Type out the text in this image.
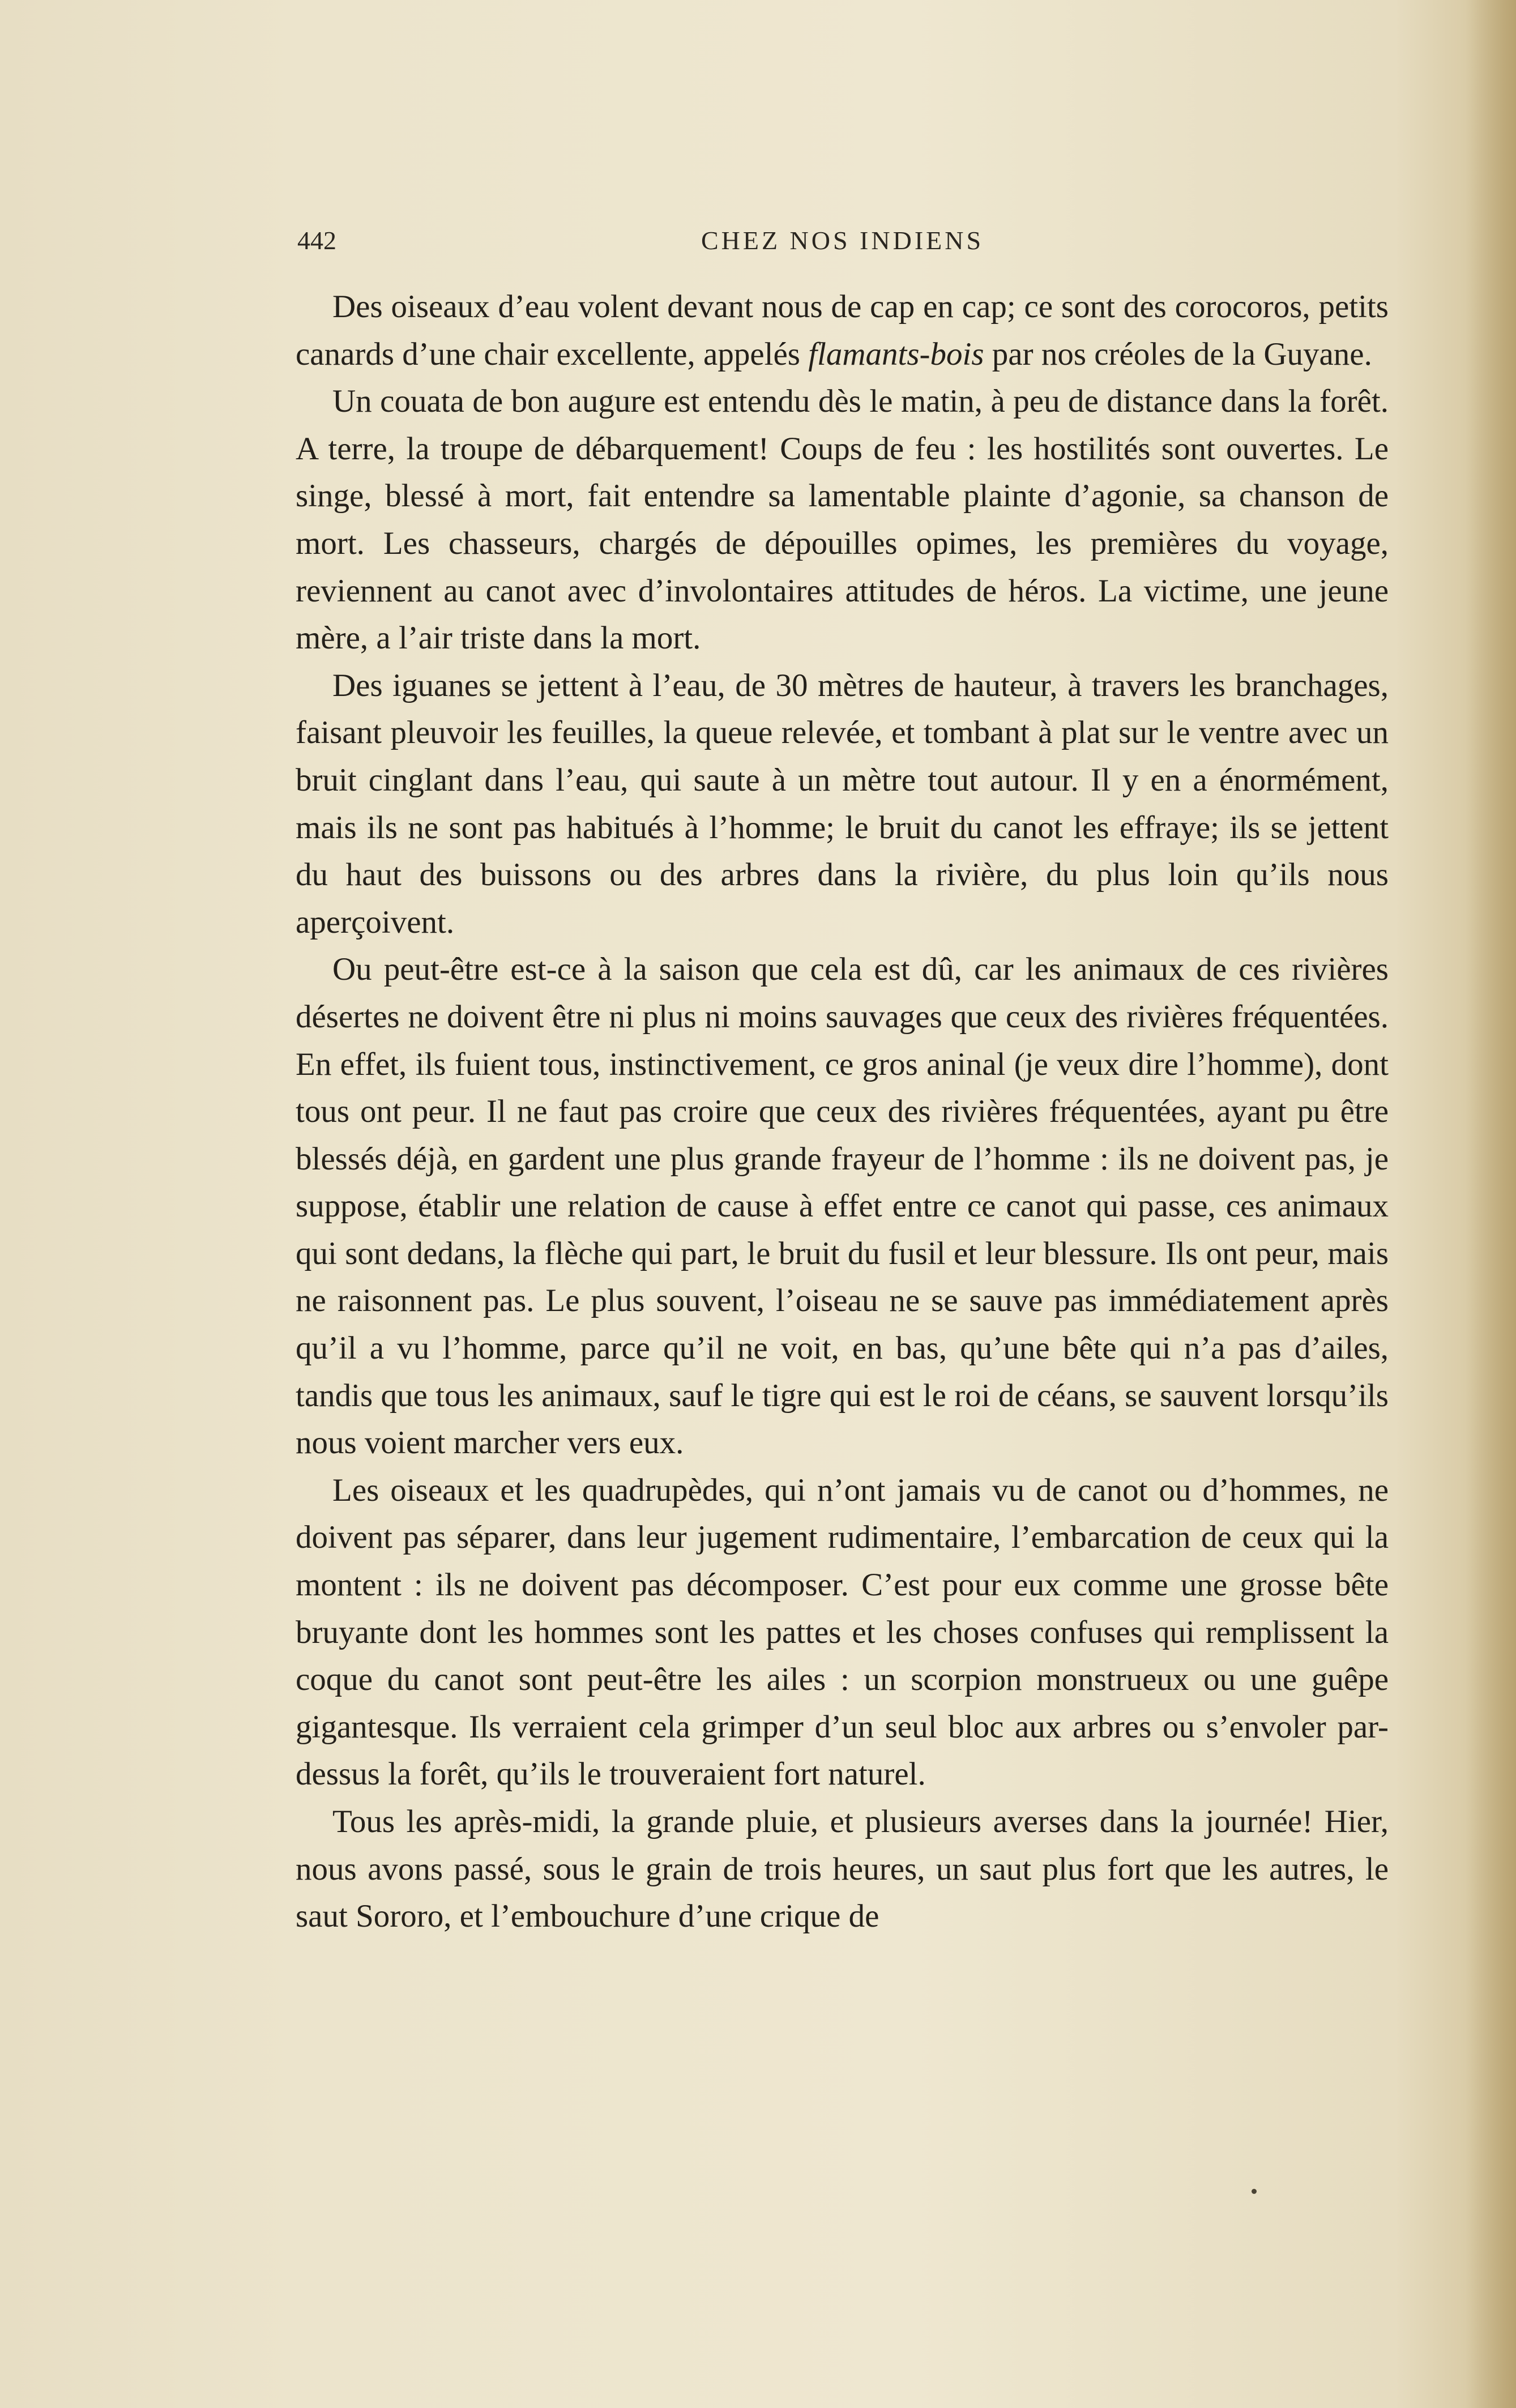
442	CHEZ NOS INDIENS

Des oiseaux d’eau volent devant nous de cap en cap; ce sont des corocoros, petits canards d’une chair excellente, appelés flamants-bois par nos créoles de la Guyane.

Un couata de bon augure est entendu dès le matin, à peu de distance dans la forêt. A terre, la troupe de débarquement! Coups de feu : les hostilités sont ouvertes. Le singe, blessé à mort, fait entendre sa lamentable plainte d’agonie, sa chanson de mort. Les chasseurs, chargés de dépouilles opimes, les premières du voyage, reviennent au canot avec d’involontaires attitudes de héros. La victime, une jeune mère, a l’air triste dans la mort.

Des iguanes se jettent à l’eau, de 30 mètres de hauteur, à travers les branchages, faisant pleuvoir les feuilles, la queue relevée, et tombant à plat sur le ventre avec un bruit cinglant dans l’eau, qui saute à un mètre tout autour. Il y en a énormément, mais ils ne sont pas habitués à l’homme; le bruit du canot les effraye; ils se jettent du haut des buissons ou des arbres dans la rivière, du plus loin qu’ils nous aperçoivent.

Ou peut-être est-ce à la saison que cela est dû, car les animaux de ces rivières désertes ne doivent être ni plus ni moins sauvages que ceux des rivières fréquentées. En effet, ils fuient tous, instinctivement, ce gros aninal (je veux dire l’homme), dont tous ont peur. Il ne faut pas croire que ceux des rivières fréquentées, ayant pu être blessés déjà, en gardent une plus grande frayeur de l’homme : ils ne doivent pas, je suppose, établir une relation de cause à effet entre ce canot qui passe, ces animaux qui sont dedans, la flèche qui part, le bruit du fusil et leur blessure. Ils ont peur, mais ne raisonnent pas. Le plus souvent, l’oiseau ne se sauve pas immédiatement après qu’il a vu l’homme, parce qu’il ne voit, en bas, qu’une bête qui n’a pas d’ailes, tandis que tous les animaux, sauf le tigre qui est le roi de céans, se sauvent lorsqu’ils nous voient marcher vers eux.

Les oiseaux et les quadrupèdes, qui n’ont jamais vu de canot ou d’hommes, ne doivent pas séparer, dans leur jugement rudimentaire, l’embarcation de ceux qui la montent : ils ne doivent pas décomposer. C’est pour eux comme une grosse bête bruyante dont les hommes sont les pattes et les choses confuses qui remplissent la coque du canot sont peut-être les ailes : un scorpion monstrueux ou une guêpe gigantesque. Ils verraient cela grimper d’un seul bloc aux arbres ou s’envoler par-dessus la forêt, qu’ils le trouveraient fort naturel.

Tous les après-midi, la grande pluie, et plusieurs averses dans la journée! Hier, nous avons passé, sous le grain de trois heures, un saut plus fort que les autres, le saut Sororo, et l’embouchure d’une crique de
